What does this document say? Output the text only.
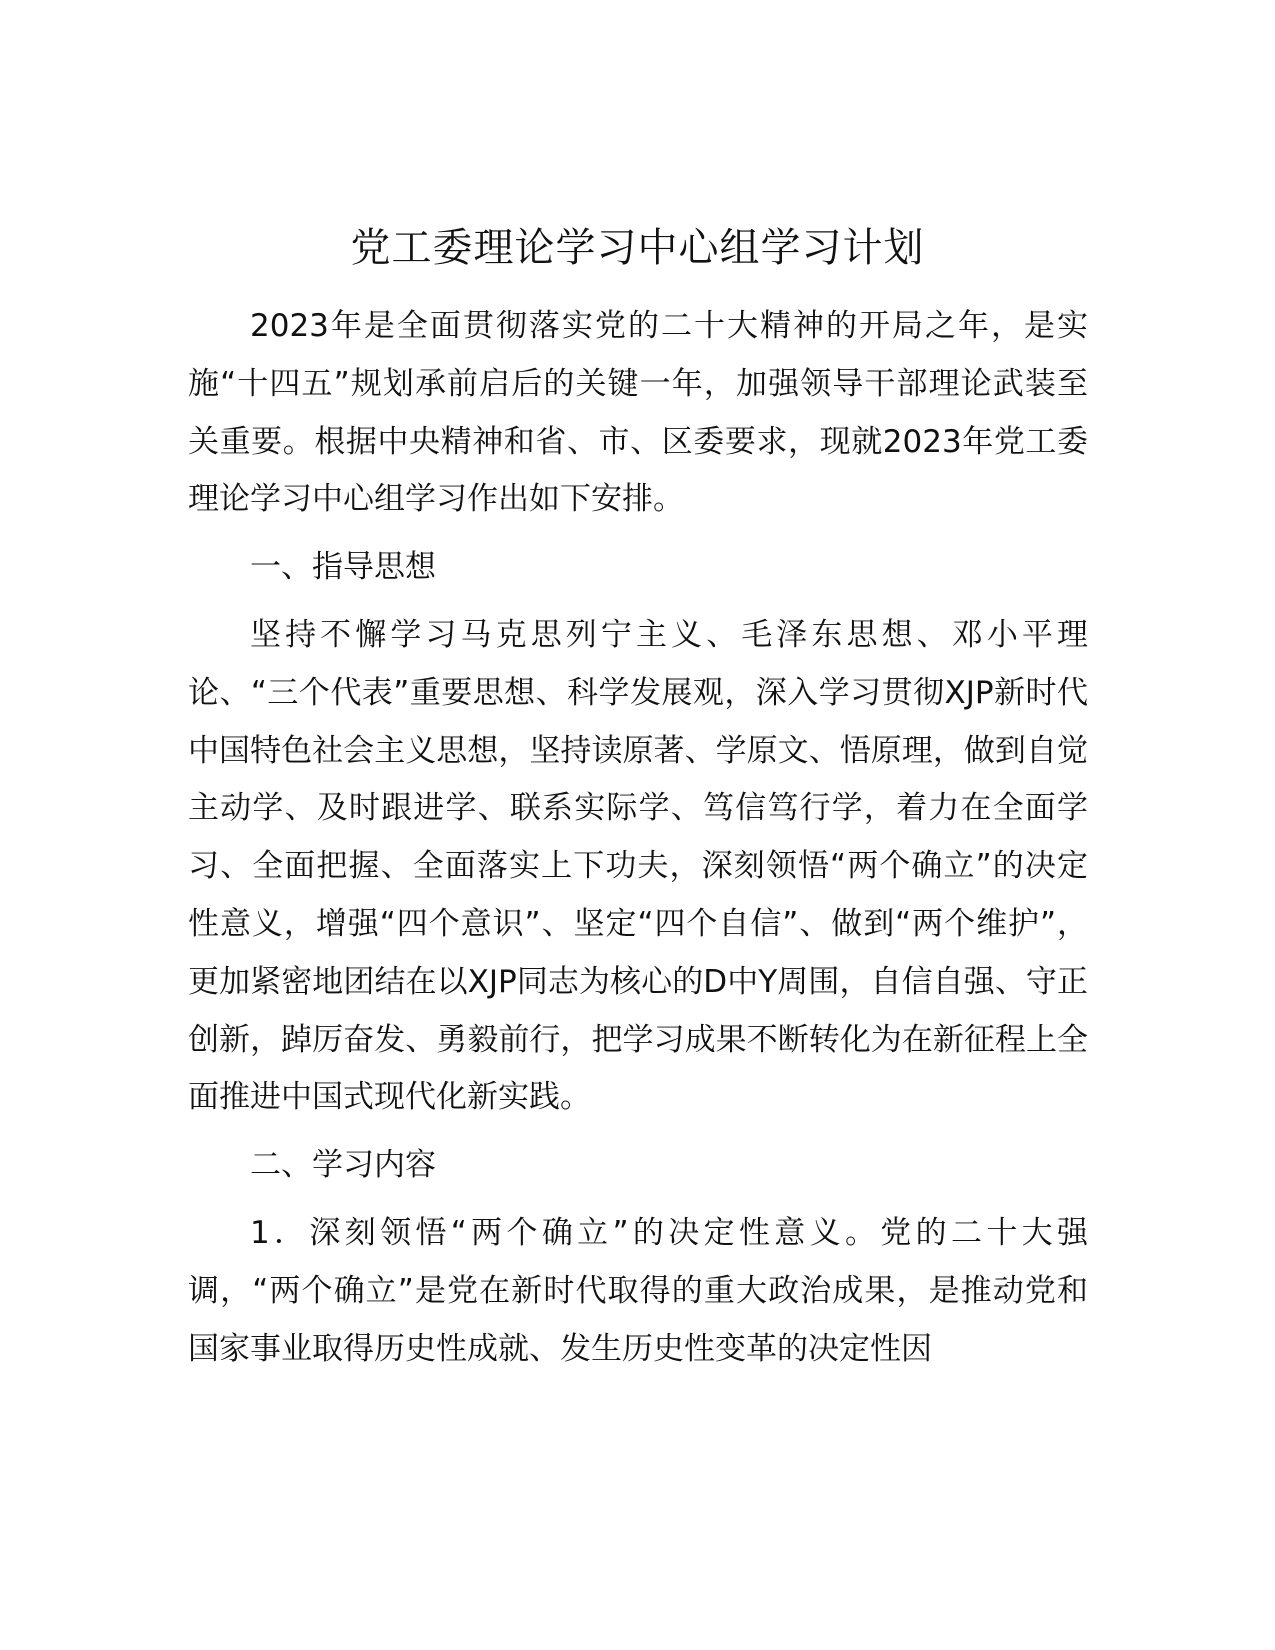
党工委理论学习中心组学习计划

2023年是全面贯彻落实党的二十大精神的开局之年，是实施“十四五”规划承前启后的关键一年，加强领导干部理论武装至关重要。根据中央精神和省、市、区委要求，现就2023年党工委理论学习中心组学习作出如下安排。

一、指导思想

坚持不懈学习马克思列宁主义、毛泽东思想、邓小平理论、“三个代表”重要思想、科学发展观，深入学习贯彻XJP新时代中国特色社会主义思想，坚持读原著、学原文、悟原理，做到自觉主动学、及时跟进学、联系实际学、笃信笃行学，着力在全面学习、全面把握、全面落实上下功夫，深刻领悟“两个确立”的决定性意义，增强“四个意识”、坚定“四个自信”、做到“两个维护”，更加紧密地团结在以XJP同志为核心的D中Y周围，自信自强、守正创新，踔厉奋发、勇毅前行，把学习成果不断转化为在新征程上全面推进中国式现代化新实践。

二、学习内容

1．深刻领悟“两个确立”的决定性意义。党的二十大强调，“两个确立”是党在新时代取得的重大政治成果，是推动党和国家事业取得历史性成就、发生历史性变革的决定性因
